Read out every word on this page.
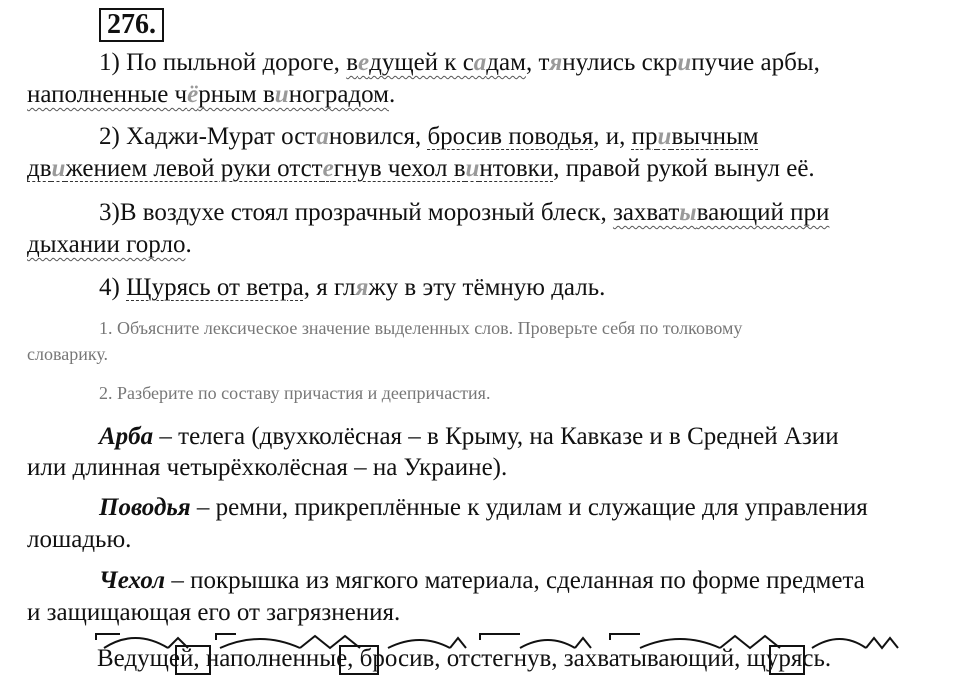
276.
1) По пыльной дороге, ведущей к садам, тянулись скрипучие арбы,
наполненные чёрным виноградом.
2) Хаджи-Мурат остановился, бросив поводья, и, привычным
движением левой руки отстегнув чехол винтовки, правой рукой вынул её.
3)В воздухе стоял прозрачный морозный блеск, захватывающий при
дыхании горло.
4) Щурясь от ветра, я гляжу в эту тёмную даль.
1. Объясните лексическое значение выделенных слов. Проверьте себя по толковому
словарику.
2. Разберите по составу причастия и деепричастия.
Арба – телега (двухколёсная – в Крыму, на Кавказе и в Средней Азии
или длинная четырёхколёсная – на Украине).
Поводья – ремни, прикреплённые к удилам и служащие для управления
лошадью.
Чехол – покрышка из мягкого материала, сделанная по форме предмета
и защищающая его от загрязнения.
Ведущей, наполненные, бросив, отстегнув, захватывающий, щурясь.
